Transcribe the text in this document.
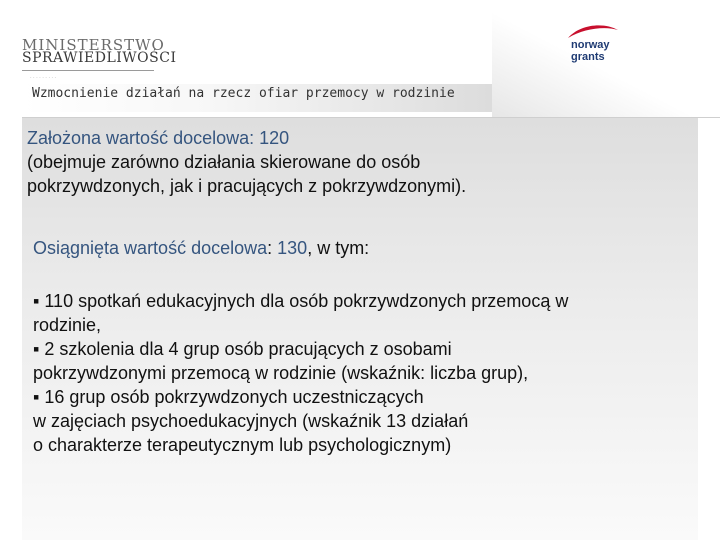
MINISTERSTWO
SPRAWIEDLIWOŚCI
· · · · · · · · ·
Wzmocnienie działań na rzecz ofiar przemocy w rodzinie
norway
grants
Założona wartość docelowa: 120
(obejmuje zarówno działania skierowane do osób
pokrzywdzonych, jak i pracujących z pokrzywdzonymi).
Osiągnięta wartość docelowa: 130, w tym:
▪ 110 spotkań edukacyjnych dla osób pokrzywdzonych przemocą w
rodzinie,
▪ 2 szkolenia dla 4 grup osób pracujących z osobami
pokrzywdzonymi przemocą w rodzinie (wskaźnik: liczba grup),
▪ 16 grup osób pokrzywdzonych uczestniczących
w zajęciach psychoedukacyjnych (wskaźnik 13 działań
o charakterze terapeutycznym lub psychologicznym)
